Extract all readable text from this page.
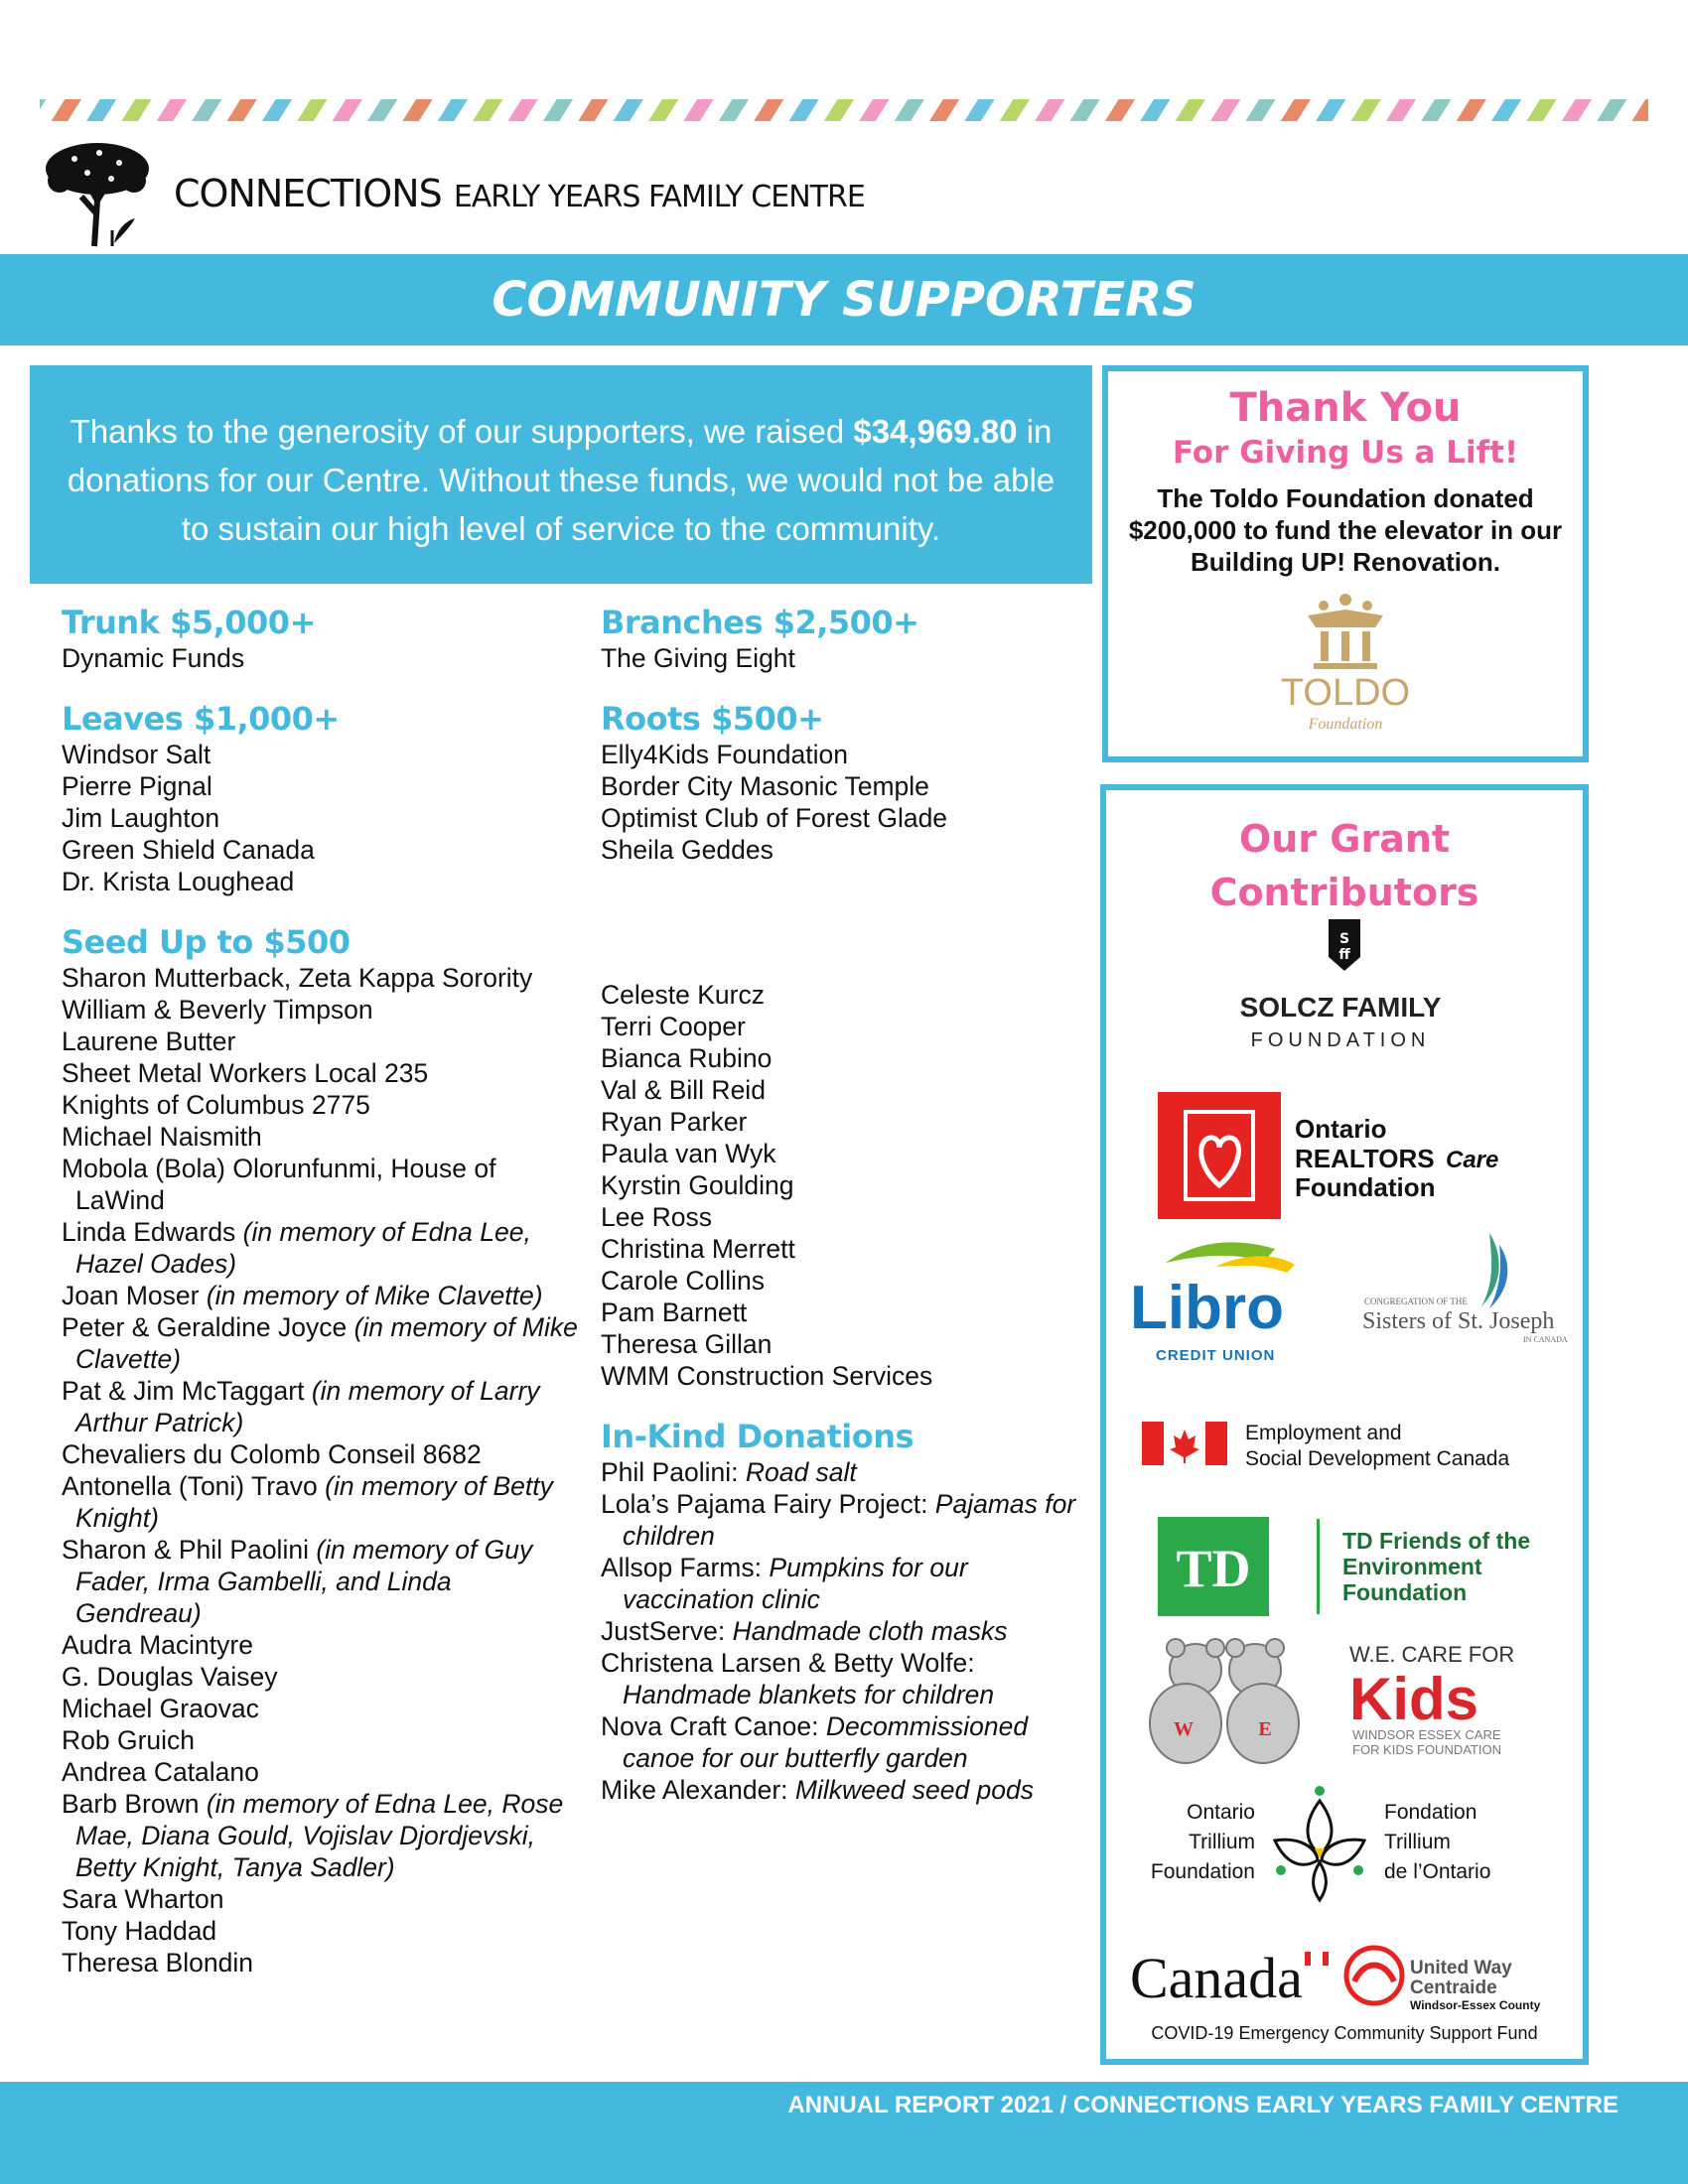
CONNECTIONS EARLY YEARS FAMILY CENTRE
COMMUNITY SUPPORTERS
Thanks to the generosity of our supporters, we raised $34,969.80 in donations for our Centre. Without these funds, we would not be able to sustain our high level of service to the community.
Trunk $5,000+
Dynamic Funds
Leaves $1,000+
Windsor Salt
Pierre Pignal
Jim Laughton
Green Shield Canada
Dr. Krista Loughead
Seed Up to $500
Sharon Mutterback, Zeta Kappa Sorority
William & Beverly Timpson
Laurene Butter
Sheet Metal Workers Local 235
Knights of Columbus 2775
Michael Naismith
Mobola (Bola) Olorunfunmi, House of LaWind
Linda Edwards (in memory of Edna Lee, Hazel Oades)
Joan Moser (in memory of Mike Clavette)
Peter & Geraldine Joyce (in memory of Mike Clavette)
Pat & Jim McTaggart (in memory of Larry Arthur Patrick)
Chevaliers du Colomb Conseil 8682
Antonella (Toni) Travo (in memory of Betty Knight)
Sharon & Phil Paolini (in memory of Guy Fader, Irma Gambelli, and Linda Gendreau)
Audra Macintyre
G. Douglas Vaisey
Michael Graovac
Rob Gruich
Andrea Catalano
Barb Brown (in memory of Edna Lee, Rose Mae, Diana Gould, Vojislav Djordjevski, Betty Knight, Tanya Sadler)
Sara Wharton
Tony Haddad
Theresa Blondin
Branches $2,500+
The Giving Eight
Roots $500+
Elly4Kids Foundation
Border City Masonic Temple
Optimist Club of Forest Glade
Sheila Geddes
Celeste Kurcz
Terri Cooper
Bianca Rubino
Val & Bill Reid
Ryan Parker
Paula van Wyk
Kyrstin Goulding
Lee Ross
Christina Merrett
Carole Collins
Pam Barnett
Theresa Gillan
WMM Construction Services
In-Kind Donations
Phil Paolini: Road salt
Lola’s Pajama Fairy Project: Pajamas for children
Allsop Farms: Pumpkins for our vaccination clinic
JustServe: Handmade cloth masks
Christena Larsen & Betty Wolfe: Handmade blankets for children
Nova Craft Canoe: Decommissioned canoe for our butterfly garden
Mike Alexander: Milkweed seed pods
Thank You
For Giving Us a Lift!
The Toldo Foundation donated $200,000 to fund the elevator in our Building UP! Renovation.
TOLDO
Foundation
Our Grant
Contributors
S
ff
SOLCZ FAMILY
FOUNDATION
Ontario
REALTORS Care
Foundation
Libro
CREDIT UNION
CONGREGATION OF THE
Sisters of St. Joseph
IN CANADA
Employment and
Social Development Canada
TD	TD Friends of the
Environment
Foundation
W	E
W.E. CARE FOR
Kids
WINDSOR ESSEX CARE
FOR KIDS FOUNDATION
Ontario
Trillium
Foundation
Fondation
Trillium
de l’Ontario
Canada	United Way
Centraide
Windsor-Essex County
COVID-19 Emergency Community Support Fund
ANNUAL REPORT 2021 / CONNECTIONS EARLY YEARS FAMILY CENTRE
